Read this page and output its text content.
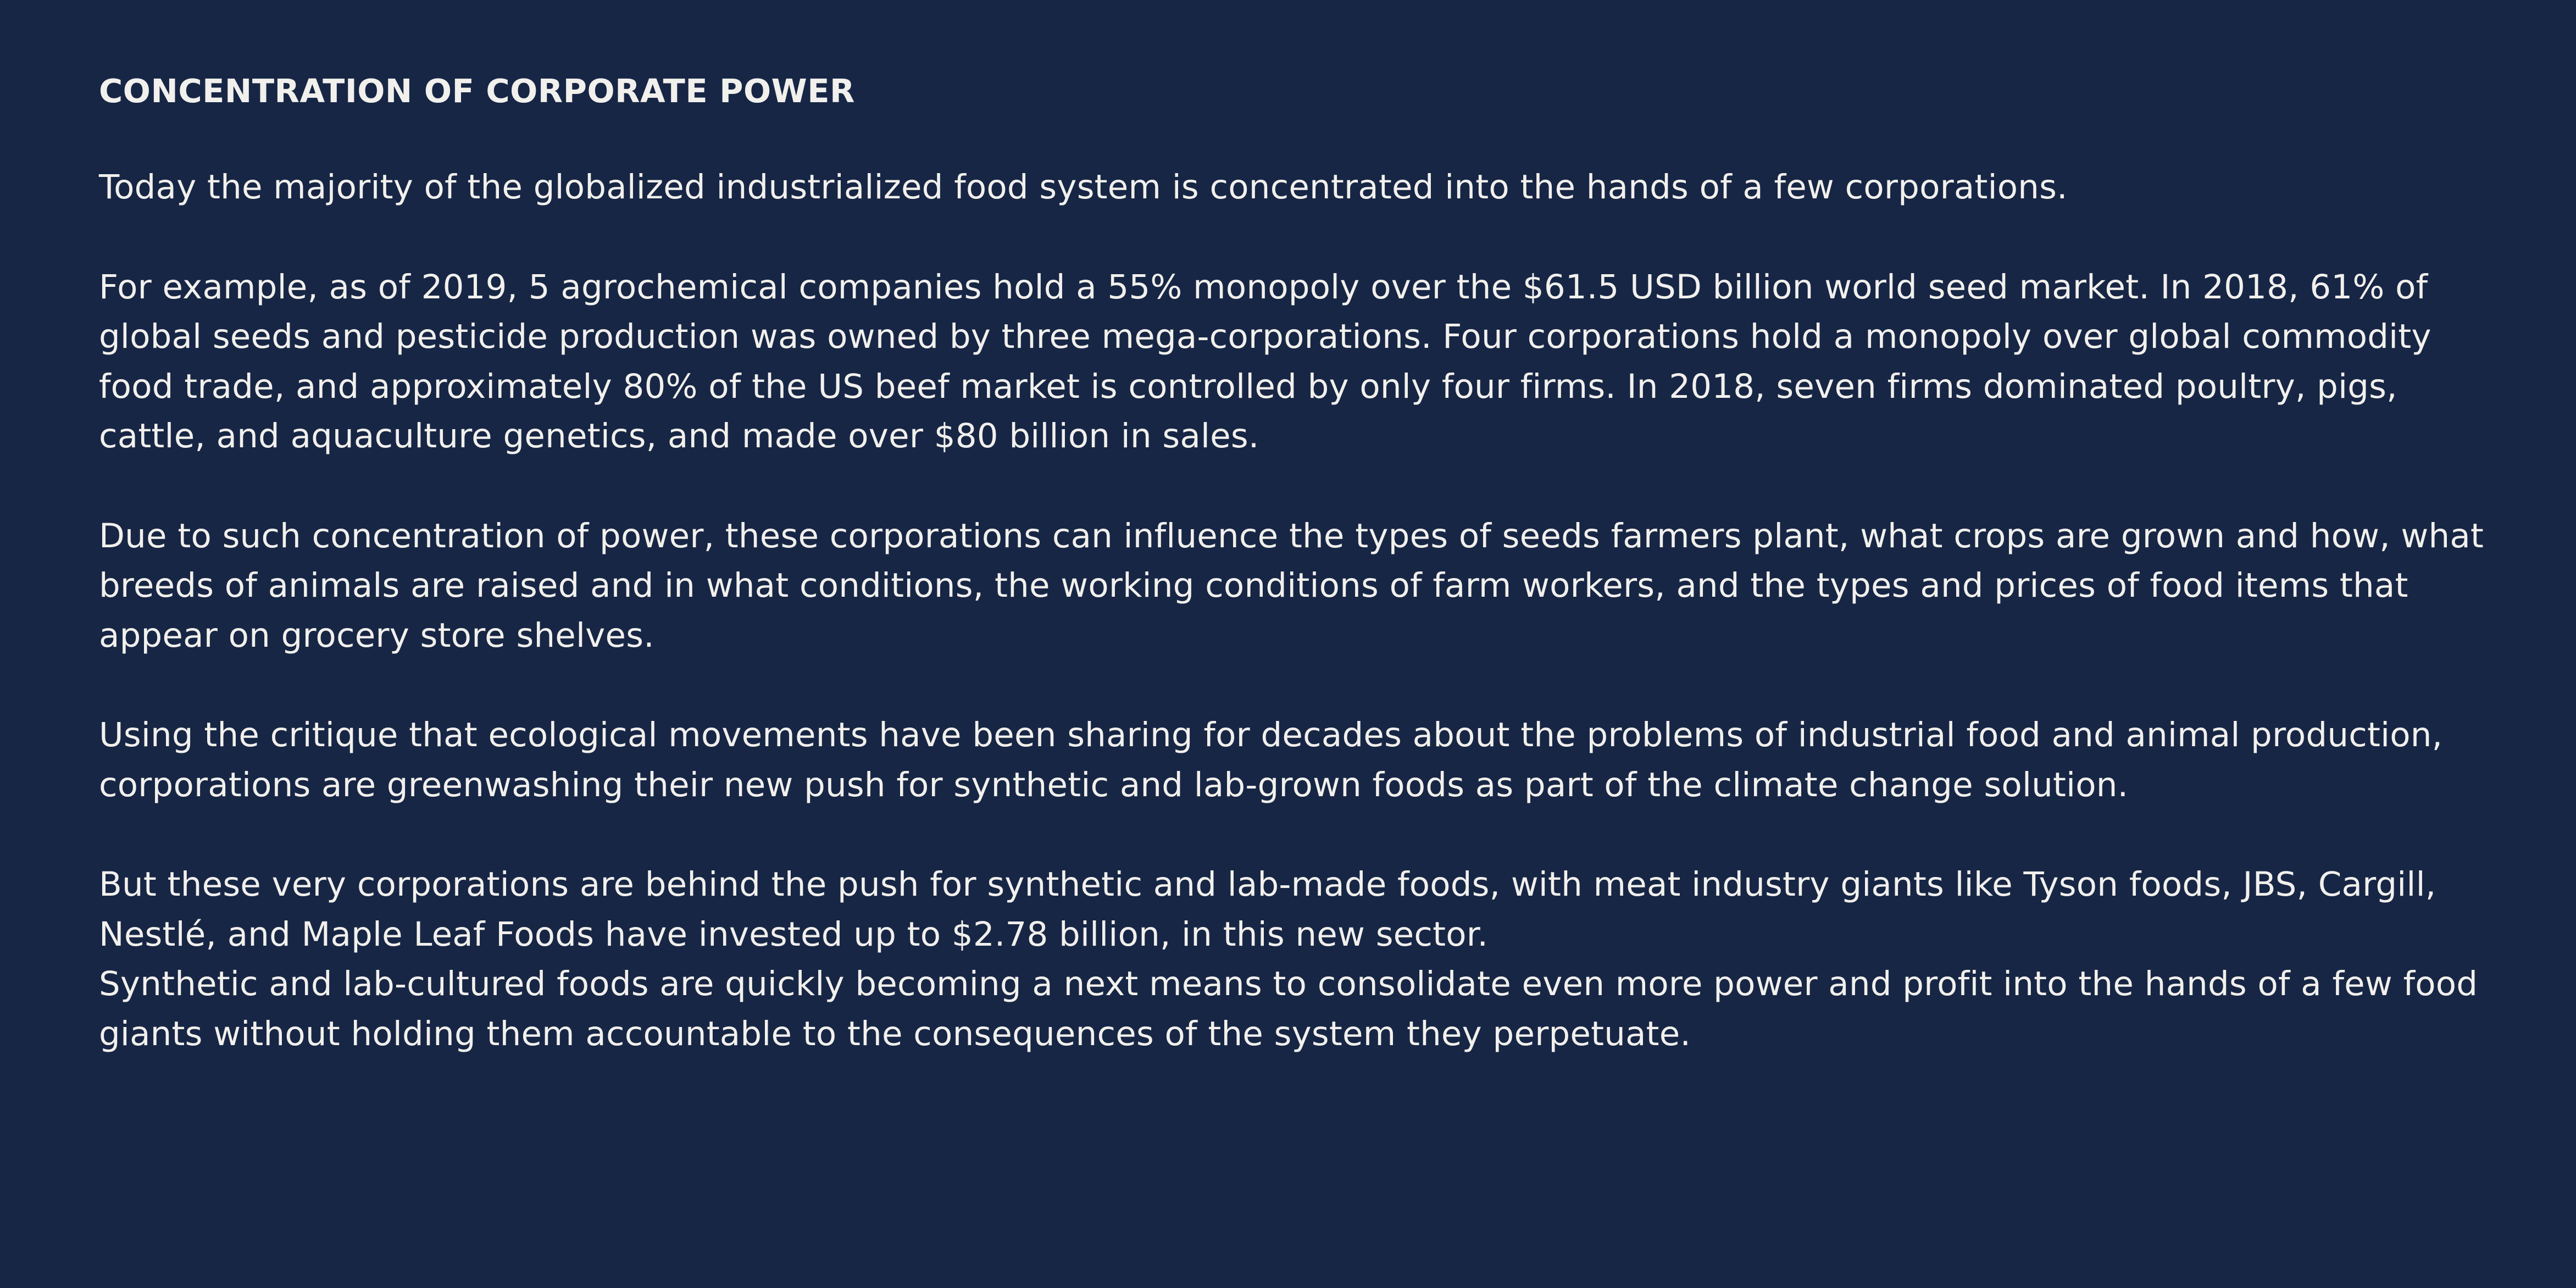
CONCENTRATION OF CORPORATE POWER

Today the majority of the globalized industrialized food system is concentrated into the hands of a few corporations.

For example, as of 2019, 5 agrochemical companies hold a 55% monopoly over the $61.5 USD billion world seed market. In 2018, 61% of global seeds and pesticide production was owned by three mega-corporations. Four corporations hold a monopoly over global commodity food trade, and approximately 80% of the US beef market is controlled by only four firms. In 2018, seven firms dominated poultry, pigs, cattle, and aquaculture genetics, and made over $80 billion in sales.

Due to such concentration of power, these corporations can influence the types of seeds farmers plant, what crops are grown and how, what breeds of animals are raised and in what conditions, the working conditions of farm workers, and the types and prices of food items that appear on grocery store shelves.

Using the critique that ecological movements have been sharing for decades about the problems of industrial food and animal production, corporations are greenwashing their new push for synthetic and lab-grown foods as part of the climate change solution.

But these very corporations are behind the push for synthetic and lab-made foods, with meat industry giants like Tyson foods, JBS, Cargill, Nestlé, and Maple Leaf Foods have invested up to $2.78 billion, in this new sector.

Synthetic and lab-cultured foods are quickly becoming a next means to consolidate even more power and profit into the hands of a few food giants without holding them accountable to the consequences of the system they perpetuate.
